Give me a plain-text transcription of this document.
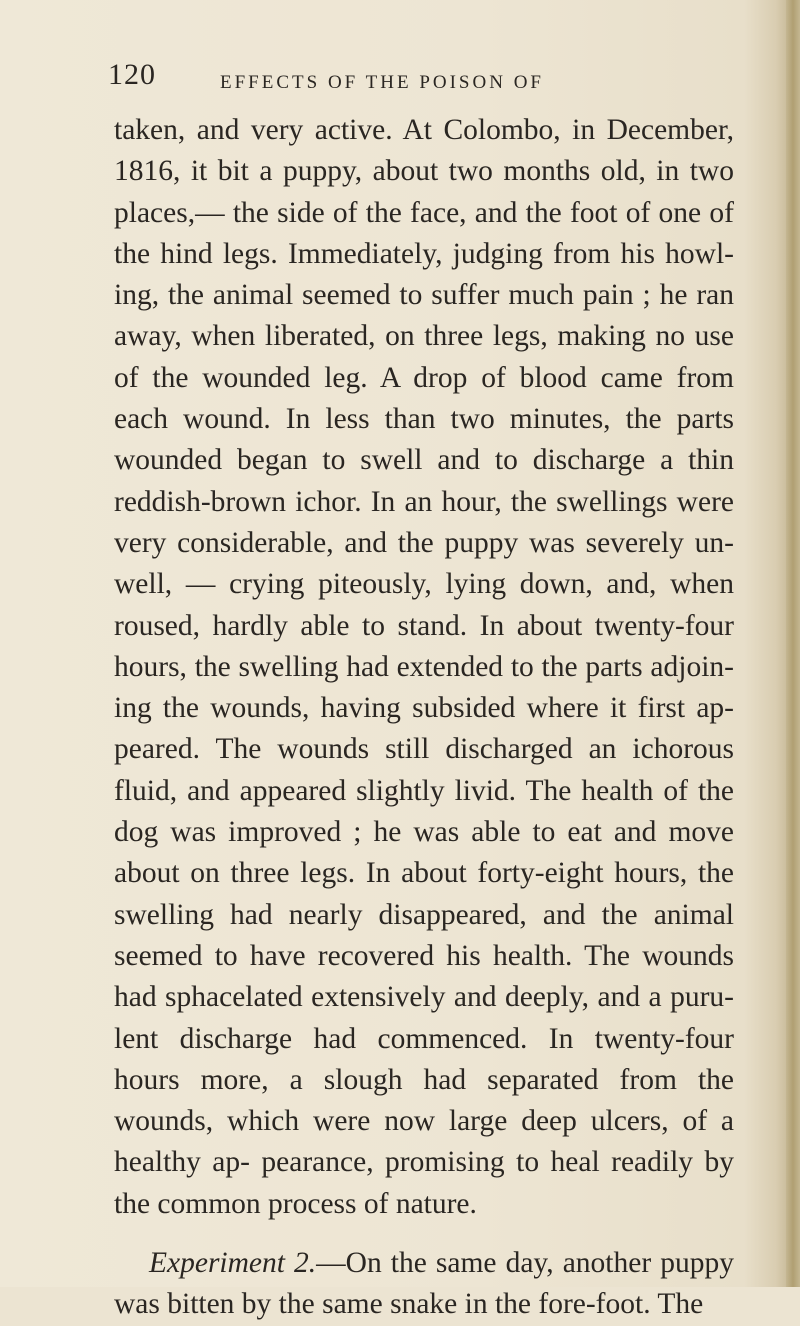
120	EFFECTS OF THE POISON OF

taken, and very active. At Colombo, in December, 1816, it bit a puppy, about two months old, in two places,— the side of the face, and the foot of one of the hind legs. Immediately, judging from his howl- ing, the animal seemed to suffer much pain ; he ran away, when liberated, on three legs, making no use of the wounded leg. A drop of blood came from each wound. In less than two minutes, the parts wounded began to swell and to discharge a thin reddish-brown ichor. In an hour, the swellings were very considerable, and the puppy was severely un- well, — crying piteously, lying down, and, when roused, hardly able to stand. In about twenty-four hours, the swelling had extended to the parts adjoin- ing the wounds, having subsided where it first ap- peared. The wounds still discharged an ichorous fluid, and appeared slightly livid. The health of the dog was improved ; he was able to eat and move about on three legs. In about forty-eight hours, the swelling had nearly disappeared, and the animal seemed to have recovered his health. The wounds had sphacelated extensively and deeply, and a puru- lent discharge had commenced. In twenty-four hours more, a slough had separated from the wounds, which were now large deep ulcers, of a healthy ap- pearance, promising to heal readily by the common process of nature.

Experiment 2.—On the same day, another puppy was bitten by the same snake in the fore-foot. The
